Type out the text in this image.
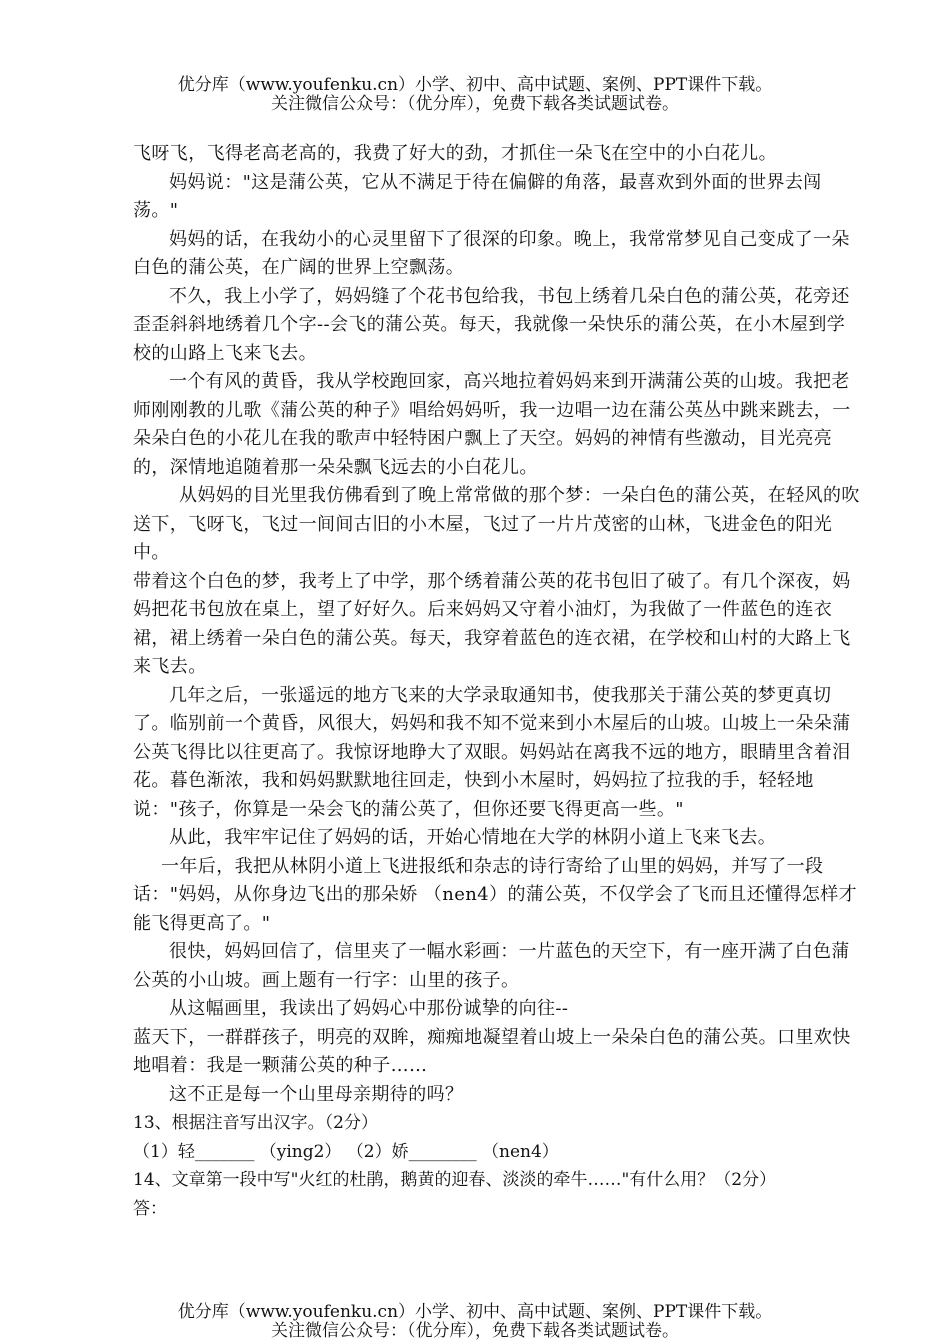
优分库（www.youfenku.cn）小学、初中、高中试题、案例、PPT课件下载。
关注微信公众号：（优分库），免费下载各类试题试卷。

飞呀飞，飞得老高老高的，我费了好大的劲，才抓住一朵飞在空中的小白花儿。

妈妈说："这是蒲公英，它从不满足于待在偏僻的角落，最喜欢到外面的世界去闯荡。"

妈妈的话，在我幼小的心灵里留下了很深的印象。晚上，我常常梦见自己变成了一朵白色的蒲公英，在广阔的世界上空飘荡。

不久，我上小学了，妈妈缝了个花书包给我，书包上绣着几朵白色的蒲公英，花旁还歪歪斜斜地绣着几个字--会飞的蒲公英。每天，我就像一朵快乐的蒲公英，在小木屋到学校的山路上飞来飞去。

一个有风的黄昏，我从学校跑回家，高兴地拉着妈妈来到开满蒲公英的山坡。我把老师刚刚教的儿歌《蒲公英的种子》唱给妈妈听，我一边唱一边在蒲公英丛中跳来跳去，一朵朵白色的小花儿在我的歌声中轻特困户飘上了天空。妈妈的神情有些激动，目光亮亮的，深情地追随着那一朵朵飘飞远去的小白花儿。

从妈妈的目光里我仿佛看到了晚上常常做的那个梦：一朵白色的蒲公英，在轻风的吹送下，飞呀飞，飞过一间间古旧的小木屋，飞过了一片片茂密的山林，飞进金色的阳光中。

带着这个白色的梦，我考上了中学，那个绣着蒲公英的花书包旧了破了。有几个深夜，妈妈把花书包放在桌上，望了好好久。后来妈妈又守着小油灯，为我做了一件蓝色的连衣裙，裙上绣着一朵白色的蒲公英。每天，我穿着蓝色的连衣裙，在学校和山村的大路上飞来飞去。

几年之后，一张遥远的地方飞来的大学录取通知书，使我那关于蒲公英的梦更真切了。临别前一个黄昏，风很大，妈妈和我不知不觉来到小木屋后的山坡。山坡上一朵朵蒲公英飞得比以往更高了。我惊讶地睁大了双眼。妈妈站在离我不远的地方，眼睛里含着泪花。暮色渐浓，我和妈妈默默地往回走，快到小木屋时，妈妈拉了拉我的手，轻轻地说："孩子，你算是一朵会飞的蒲公英了，但你还要飞得更高一些。"

从此，我牢牢记住了妈妈的话，开始心情地在大学的林阴小道上飞来飞去。

一年后，我把从林阴小道上飞进报纸和杂志的诗行寄给了山里的妈妈，并写了一段话："妈妈，从你身边飞出的那朵娇 （nen4）的蒲公英，不仅学会了飞而且还懂得怎样才能飞得更高了。"

很快，妈妈回信了，信里夹了一幅水彩画：一片蓝色的天空下，有一座开满了白色蒲公英的小山坡。画上题有一行字：山里的孩子。

从这幅画里，我读出了妈妈心中那份诚挚的向往--

蓝天下，一群群孩子，明亮的双眸，痴痴地凝望着山坡上一朵朵白色的蒲公英。口里欢快地唱着：我是一颗蒲公英的种子……

这不正是每一个山里母亲期待的吗？

13、根据注音写出汉字。（2分）

（1）轻_______ （ying2） （2）娇________ （nen4）

14、文章第一段中写"火红的杜鹃，鹅黄的迎春、淡淡的牵牛……"有什么用？（2分）

答：

优分库（www.youfenku.cn）小学、初中、高中试题、案例、PPT课件下载。
关注微信公众号：（优分库），免费下载各类试题试卷。
